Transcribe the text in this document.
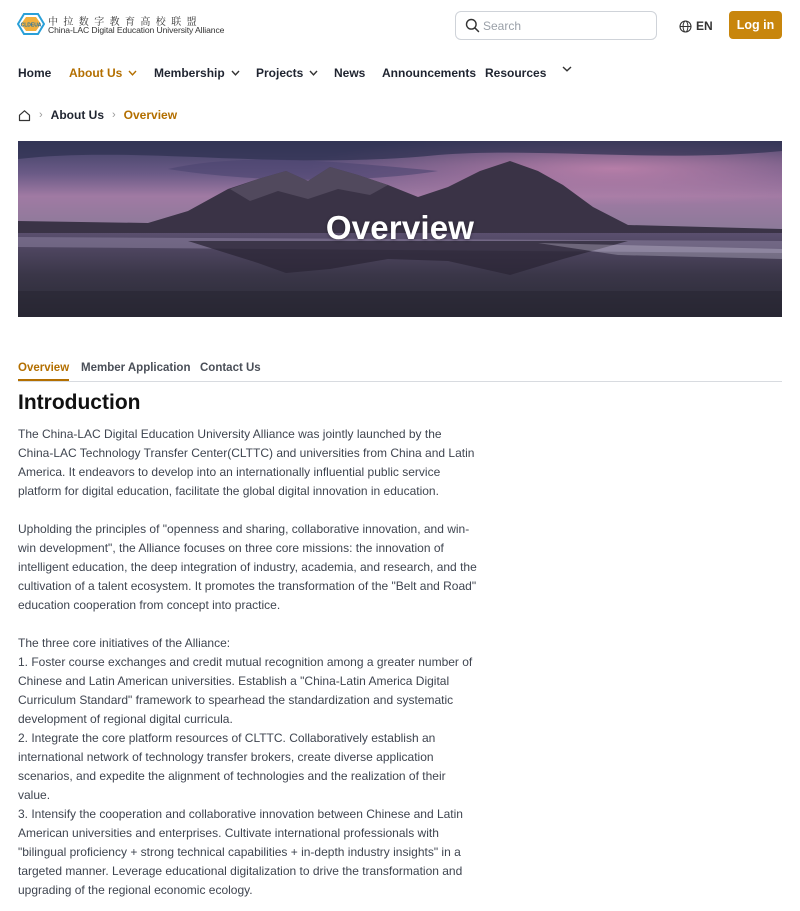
CLDEUA 中拉数字教育高校联盟
China-LAC Digital Education University Alliance
Search	EN	Log in
Home About Us	Membership	Projects	News Announcements Resources
› About Us › Overview
Overview
Overview Member Application Contact Us
Introduction

The China-LAC Digital Education University Alliance was jointly launched by the China-LAC Technology Transfer Center(CLTTC) and universities from China and Latin America. It endeavors to develop into an internationally influential public service platform for digital education, facilitate the global digital innovation in education.

Upholding the principles of "openness and sharing, collaborative innovation, and win-win development", the Alliance focuses on three core missions: the innovation of intelligent education, the deep integration of industry, academia, and research, and the cultivation of a talent ecosystem. It promotes the transformation of the "Belt and Road" education cooperation from concept into practice.

The three core initiatives of the Alliance:
1. Foster course exchanges and credit mutual recognition among a greater number of Chinese and Latin American universities. Establish a "China-Latin America Digital Curriculum Standard" framework to spearhead the standardization and systematic development of regional digital curricula.
2. Integrate the core platform resources of CLTTC. Collaboratively establish an international network of technology transfer brokers, create diverse application scenarios, and expedite the alignment of technologies and the realization of their value.
3. Intensify the cooperation and collaborative innovation between Chinese and Latin American universities and enterprises. Cultivate international professionals with "bilingual proficiency + strong technical capabilities + in-depth industry insights" in a targeted manner. Leverage educational digitalization to drive the transformation and upgrading of the regional economic ecology.
